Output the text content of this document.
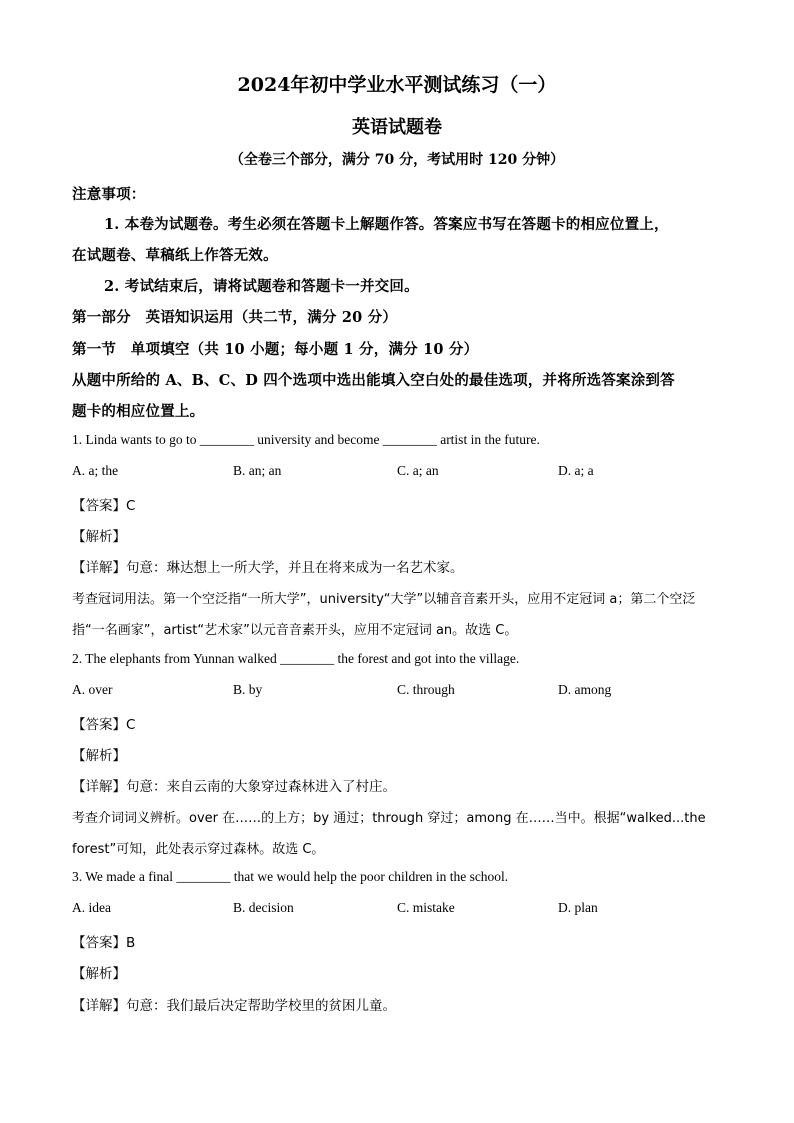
2024年初中学业水平测试练习（一）
英语试题卷
（全卷三个部分，满分 70 分，考试用时 120 分钟）
注意事项：
1. 本卷为试题卷。考生必须在答题卡上解题作答。答案应书写在答题卡的相应位置上，
在试题卷、草稿纸上作答无效。
2. 考试结束后，请将试题卷和答题卡一并交回。
第一部分　英语知识运用（共二节，满分 20 分）
第一节　单项填空（共 10 小题；每小题 1 分，满分 10 分）
从题中所给的 A、B、C、D 四个选项中选出能填入空白处的最佳选项，并将所选答案涂到答
题卡的相应位置上。
1. Linda wants to go to ________ university and become ________ artist in the future.
A. a; the	B. an; an	C. a; an	D. a; a
【答案】C
【解析】
【详解】句意：琳达想上一所大学，并且在将来成为一名艺术家。
考查冠词用法。第一个空泛指“一所大学”，university“大学”以辅音音素开头，应用不定冠词 a；第二个空泛
指“一名画家”，artist“艺术家”以元音音素开头，应用不定冠词 an。故选 C。
2. The elephants from Yunnan walked ________ the forest and got into the village.
A. over	B. by	C. through	D. among
【答案】C
【解析】
【详解】句意：来自云南的大象穿过森林进入了村庄。
考查介词词义辨析。over 在……的上方；by 通过；through 穿过；among 在……当中。根据“walked...the
forest”可知，此处表示穿过森林。故选 C。
3. We made a final ________ that we would help the poor children in the school.
A. idea	B. decision	C. mistake	D. plan
【答案】B
【解析】
【详解】句意：我们最后决定帮助学校里的贫困儿童。
